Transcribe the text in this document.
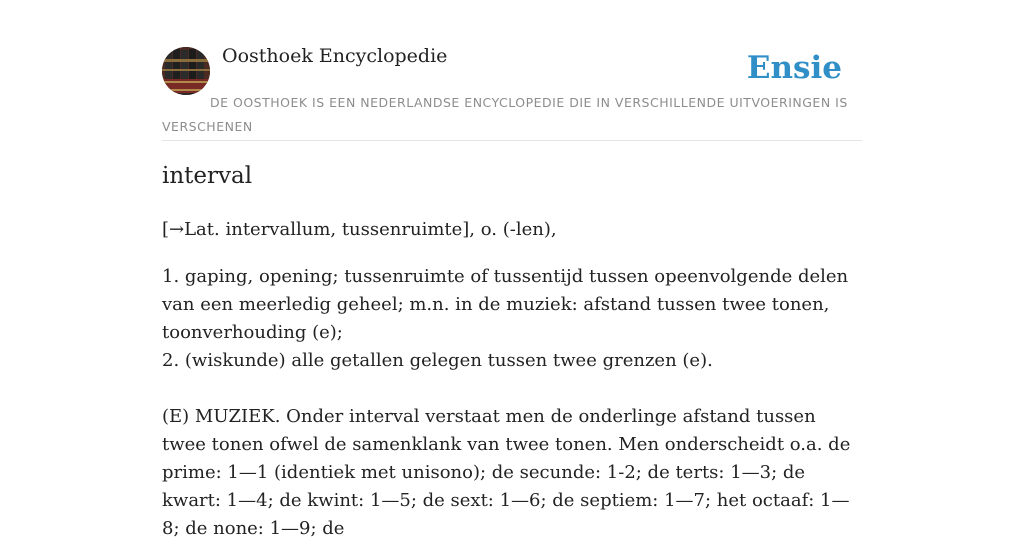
Oosthoek Encyclopedie	Ensie
DE OOSTHOEK IS EEN NEDERLANDSE ENCYCLOPEDIE DIE IN VERSCHILLENDE UITVOERINGEN IS VERSCHENEN
interval

[→Lat. intervallum, tussenruimte], o. (-len),

1. gaping, opening; tussenruimte of tussentijd tussen opeenvolgende delen van een meerledig geheel; m.n. in de muziek: afstand tussen twee tonen, toonverhouding (e);
2. (wiskunde) alle getallen gelegen tussen twee grenzen (e).

(E) MUZIEK. Onder interval verstaat men de onderlinge afstand tussen twee tonen ofwel de samenklank van twee tonen. Men onderscheidt o.a. de prime: 1—1 (identiek met unisono); de secunde: 1-2; de terts: 1—3; de kwart: 1—4; de kwint: 1—5; de sext: 1—6; de septiem: 1—7; het octaaf: 1—8; de none: 1—9; de
